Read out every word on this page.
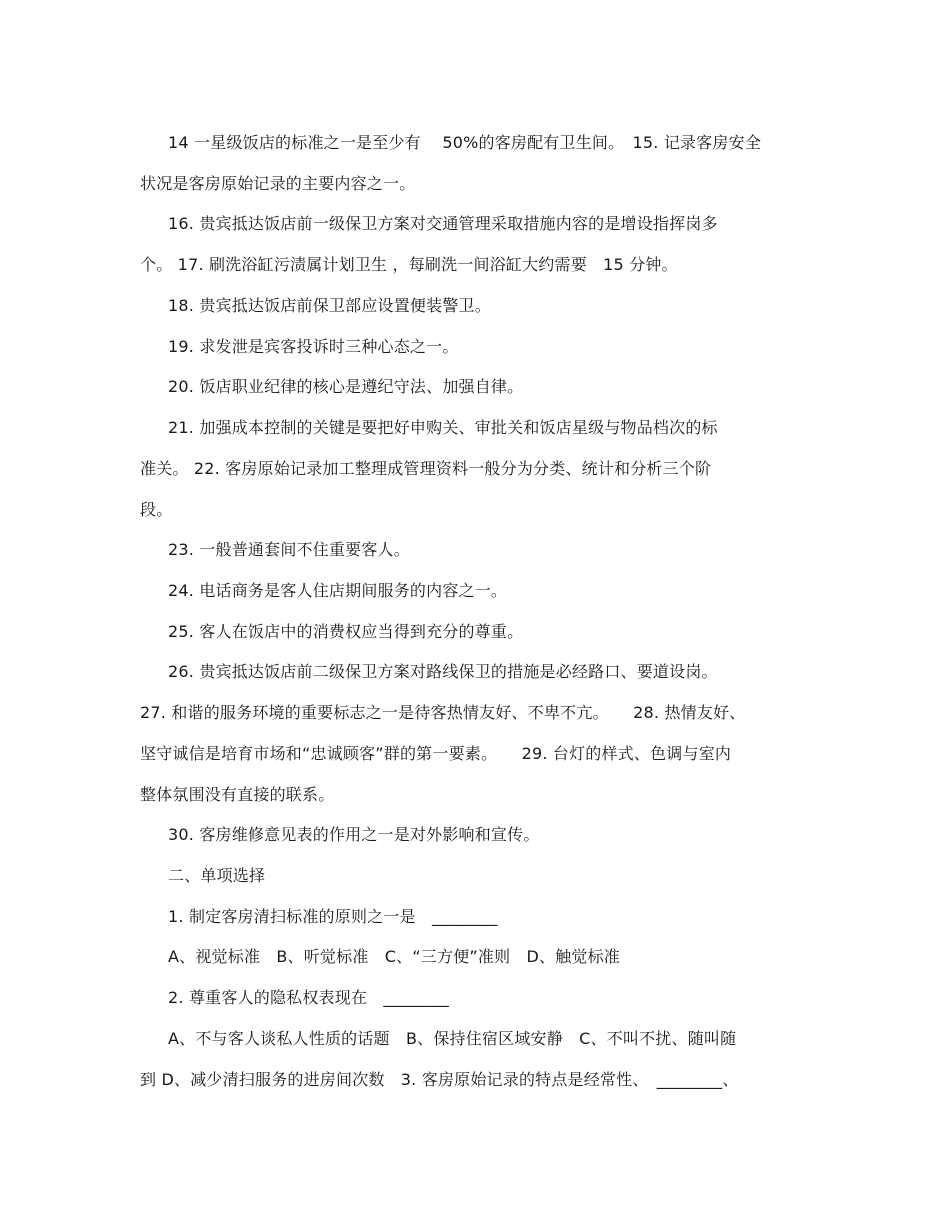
14 一星级饭店的标准之一是至少有　 50%的客房配有卫生间。　15. 记录客房安全
状况是客房原始记录的主要内容之一。
16. 贵宾抵达饭店前一级保卫方案对交通管理采取措施内容的是增设指挥岗多
个。 17. 刷洗浴缸污渍属计划卫生 ，每刷洗一间浴缸大约需要　15 分钟。
18. 贵宾抵达饭店前保卫部应设置便装警卫。
19. 求发泄是宾客投诉时三种心态之一。
20. 饭店职业纪律的核心是遵纪守法、加强自律。
21. 加强成本控制的关键是要把好申购关、审批关和饭店星级与物品档次的标
准关。 22. 客房原始记录加工整理成管理资料一般分为分类、统计和分析三个阶
段。
23. 一般普通套间不住重要客人。
24. 电话商务是客人住店期间服务的内容之一。
25. 客人在饭店中的消费权应当得到充分的尊重。
26. 贵宾抵达饭店前二级保卫方案对路线保卫的措施是必经路口、要道设岗。
27. 和谐的服务环境的重要标志之一是待客热情友好、不卑不亢。　　28. 热情友好、
坚守诚信是培育市场和“忠诚顾客”群的第一要素。　　29. 台灯的样式、色调与室内
整体氛围没有直接的联系。
30. 客房维修意见表的作用之一是对外影响和宣传。
二、单项选择
1. 制定客房清扫标准的原则之一是　________
A、视觉标准　B、听觉标准　C、“三方便”准则　D、触觉标准
2. 尊重客人的隐私权表现在　________
A、不与客人谈私人性质的话题　B、保持住宿区域安静　C、不叫不扰、随叫随
到 D、减少清扫服务的进房间次数　3. 客房原始记录的特点是经常性、　________、
